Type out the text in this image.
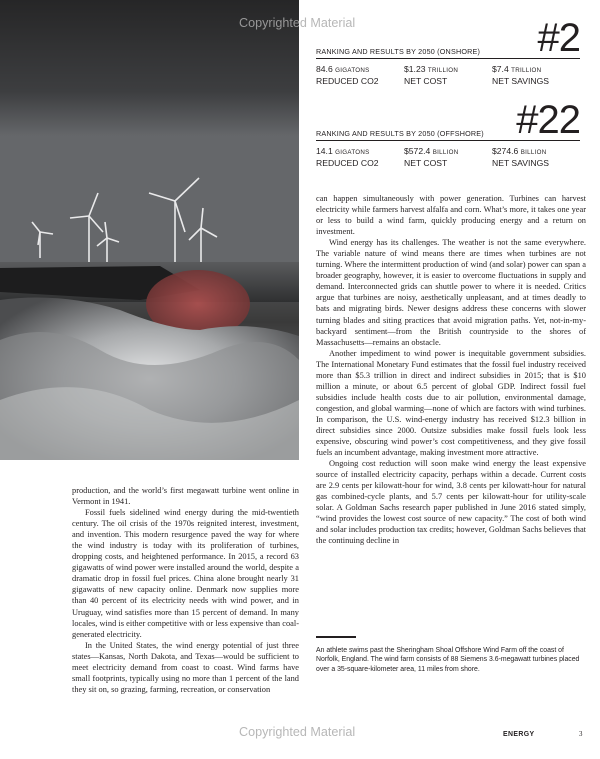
Copyrighted Material
Copyrighted Material
RANKING AND RESULTS BY 2050 (ONSHORE) #2
84.6 GIGATONS
REDUCED CO2
$1.23 TRILLION
NET COST
$7.4 TRILLION
NET SAVINGS
RANKING AND RESULTS BY 2050 (OFFSHORE) #22
14.1 GIGATONS
REDUCED CO2
$572.4 BILLION
NET COST
$274.6 BILLION
NET SAVINGS

production, and the world’s first megawatt turbine went online in Vermont in 1941.

Fossil fuels sidelined wind energy during the mid-twentieth century. The oil crisis of the 1970s reignited interest, investment, and invention. This modern resurgence paved the way for where the wind industry is today with its proliferation of turbines, dropping costs, and heightened performance. In 2015, a record 63 gigawatts of wind power were installed around the world, despite a dramatic drop in fossil fuel prices. China alone brought nearly 31 gigawatts of new capacity online. Denmark now supplies more than 40 percent of its electricity needs with wind power, and in Uruguay, wind satisfies more than 15 percent of demand. In many locales, wind is either competitive with or less expensive than coal-generated electricity.

In the United States, the wind energy potential of just three states—Kansas, North Dakota, and Texas—would be sufficient to meet electricity demand from coast to coast. Wind farms have small footprints, typically using no more than 1 percent of the land they sit on, so grazing, farming, recreation, or conservation

can happen simultaneously with power generation. Turbines can harvest electricity while farmers harvest alfalfa and corn. What’s more, it takes one year or less to build a wind farm, quickly producing energy and a return on investment.

Wind energy has its challenges. The weather is not the same everywhere. The variable nature of wind means there are times when turbines are not turning. Where the intermittent production of wind (and solar) power can span a broader geography, however, it is easier to overcome fluctuations in supply and demand. Interconnected grids can shuttle power to where it is needed. Critics argue that turbines are noisy, aesthetically unpleasant, and at times deadly to bats and migrating birds. Newer designs address these concerns with slower turning blades and siting practices that avoid migration paths. Yet, not-in-my-backyard sentiment—from the British countryside to the shores of Massachusetts—remains an obstacle.

Another impediment to wind power is inequitable government subsidies. The International Monetary Fund estimates that the fossil fuel industry received more than $5.3 trillion in direct and indirect subsidies in 2015; that is $10 million a minute, or about 6.5 percent of global GDP. Indirect fossil fuel subsidies include health costs due to air pollution, environmental damage, congestion, and global warming—none of which are factors with wind turbines. In comparison, the U.S. wind-energy industry has received $12.3 billion in direct subsidies since 2000. Outsize subsidies make fossil fuels look less expensive, obscuring wind power’s cost competitiveness, and they give fossil fuels an incumbent advantage, making investment more attractive.

Ongoing cost reduction will soon make wind energy the least expensive source of installed electricity capacity, perhaps within a decade. Current costs are 2.9 cents per kilowatt-hour for wind, 3.8 cents per kilowatt-hour for natural gas combined-cycle plants, and 5.7 cents per kilowatt-hour for utility-scale solar. A Goldman Sachs research paper published in June 2016 stated simply, “wind provides the lowest cost source of new capacity.” The cost of both wind and solar includes production tax credits; however, Goldman Sachs believes that the continuing decline in

An athlete swims past the Sheringham Shoal Offshore Wind Farm off the coast of Norfolk, England. The wind farm consists of 88 Siemens 3.6-megawatt turbines placed over a 35-square-kilometer area, 11 miles from shore.
ENERGY	3
